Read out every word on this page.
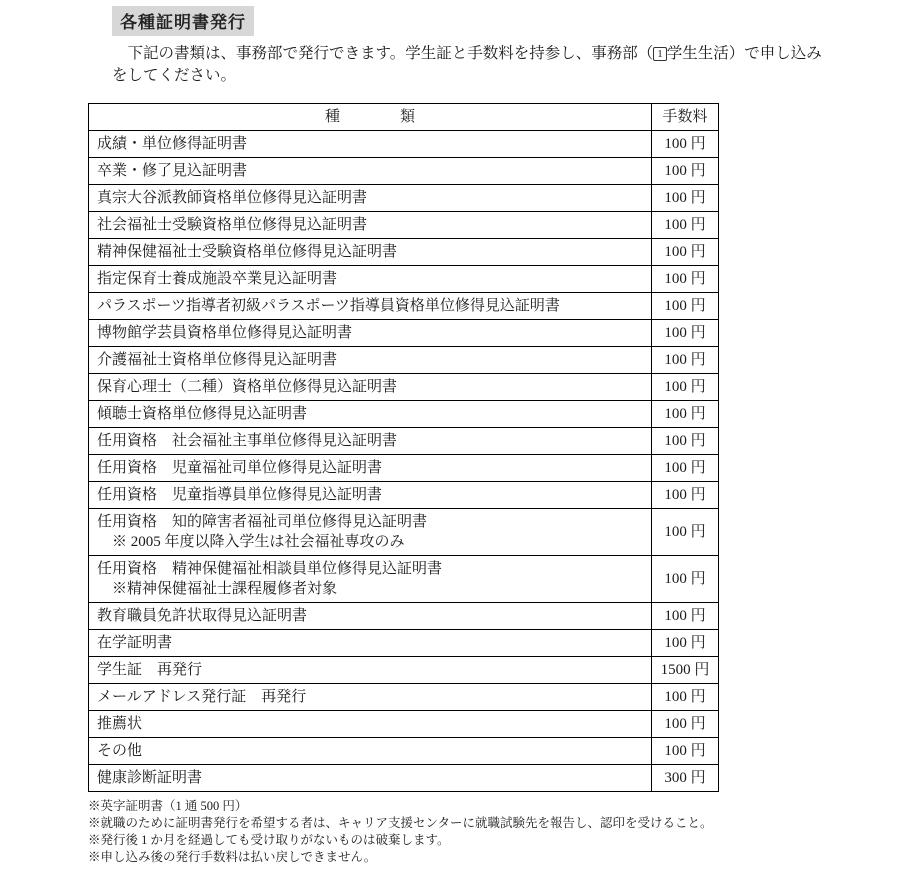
各種証明書発行

下記の書類は、事務部で発行できます。学生証と手数料を持参し、事務部（ 1 学生生活）で申し込みをしてください。

種　　　　類	手数料

成績・単位修得証明書	100 円

卒業・修了見込証明書	100 円

真宗大谷派教師資格単位修得見込証明書	100 円

社会福祉士受験資格単位修得見込証明書	100 円

精神保健福祉士受験資格単位修得見込証明書	100 円

指定保育士養成施設卒業見込証明書	100 円

パラスポーツ指導者初級パラスポーツ指導員資格単位修得見込証明書	100 円

博物館学芸員資格単位修得見込証明書	100 円

介護福祉士資格単位修得見込証明書	100 円

保育心理士（二種）資格単位修得見込証明書	100 円

傾聴士資格単位修得見込証明書	100 円

任用資格　社会福祉主事単位修得見込証明書	100 円

任用資格　児童福祉司単位修得見込証明書	100 円

任用資格　児童指導員単位修得見込証明書	100 円

任用資格　知的障害者福祉司単位修得見込証明書
※ 2005 年度以降入学生は社会福祉専攻のみ	100 円

任用資格　精神保健福祉相談員単位修得見込証明書
※精神保健福祉士課程履修者対象	100 円

教育職員免許状取得見込証明書	100 円

在学証明書	100 円

学生証　再発行	1500 円

メールアドレス発行証　再発行	100 円

推薦状	100 円

その他	100 円

健康診断証明書	300 円
※英字証明書（1 通 500 円）
※就職のために証明書発行を希望する者は、キャリア支援センターに就職試験先を報告し、認印を受けること。
※発行後 1 か月を経過しても受け取りがないものは破棄します。
※申し込み後の発行手数料は払い戻しできません。
